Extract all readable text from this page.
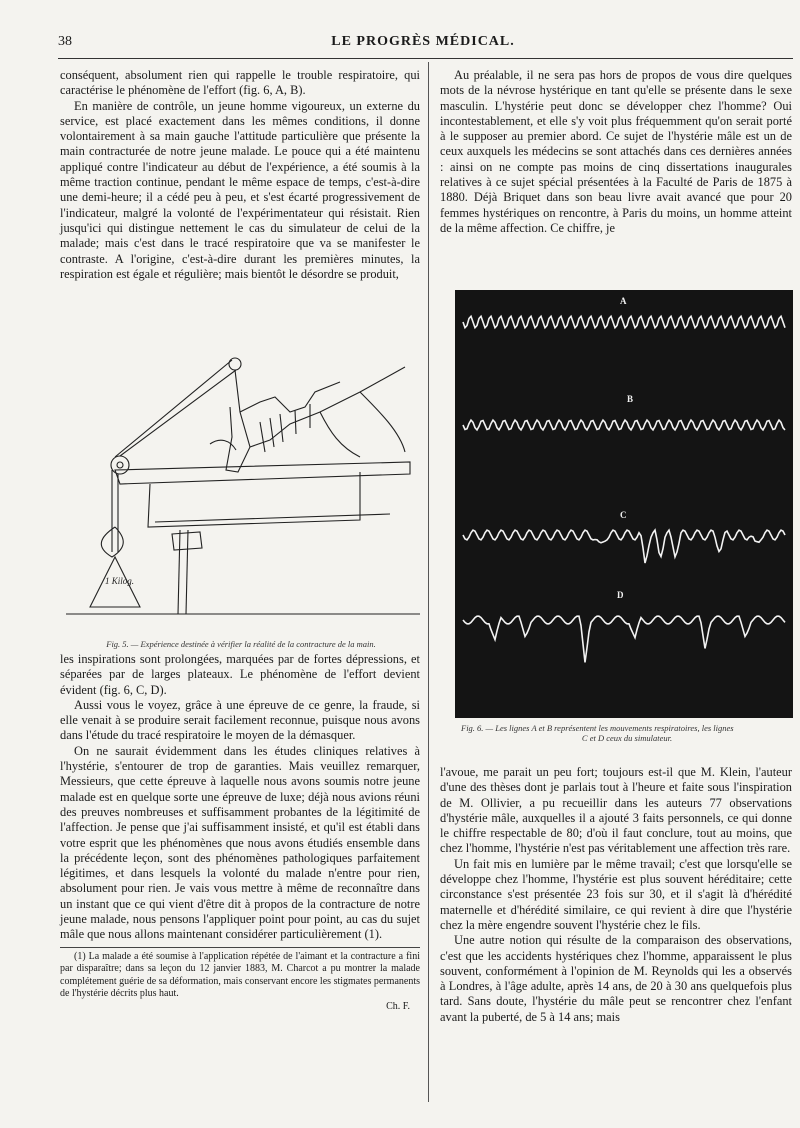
38	LE PROGRÈS MÉDICAL.

conséquent, absolument rien qui rappelle le trouble respiratoire, qui caractérise le phénomène de l'effort (fig. 6, A, B).

En manière de contrôle, un jeune homme vigoureux, un externe du service, est placé exactement dans les mêmes conditions, il donne volontairement à sa main gauche l'attitude particulière que présente la main contracturée de notre jeune malade. Le pouce qui a été maintenu appliqué contre l'indicateur au début de l'expérience, a été soumis à la même traction continue, pendant le même espace de temps, c'est-à-dire une demi-heure; il a cédé peu à peu, et s'est écarté progressivement de l'indicateur, malgré la volonté de l'expérimentateur qui résistait. Rien jusqu'ici qui distingue nettement le cas du simulateur de celui de la malade; mais c'est dans le tracé respiratoire que va se manifester le contraste. A l'origine, c'est-à-dire durant les premières minutes, la respiration est égale et régulière; mais bientôt le désordre se produit,

1 Kilog.
Fig. 5. — Expérience destinée à vérifier la réalité de la contracture de la main.

les inspirations sont prolongées, marquées par de fortes dépressions, et séparées par de larges plateaux. Le phénomène de l'effort devient évident (fig. 6, C, D).

Aussi vous le voyez, grâce à une épreuve de ce genre, la fraude, si elle venait à se produire serait facilement reconnue, puisque nous avons dans l'étude du tracé respiratoire le moyen de la démasquer.

On ne saurait évidemment dans les études cliniques relatives à l'hystérie, s'entourer de trop de garanties. Mais veuillez remarquer, Messieurs, que cette épreuve à laquelle nous avons soumis notre jeune malade est en quelque sorte une épreuve de luxe; déjà nous avions réuni des preuves nombreuses et suffisamment probantes de la légitimité de l'affection. Je pense que j'ai suffisamment insisté, et qu'il est établi dans votre esprit que les phénomènes que nous avons étudiés ensemble dans la précédente leçon, sont des phénomènes pathologiques parfaitement légitimes, et dans lesquels la volonté du malade n'entre pour rien, absolument pour rien. Je vais vous mettre à même de reconnaître dans un instant que ce qui vient d'être dit à propos de la contracture de notre jeune malade, nous pensons l'appliquer point pour point, au cas du sujet mâle que nous allons maintenant considérer particulièrement (1).

(1) La malade a été soumise à l'application répétée de l'aimant et la contracture a fini par disparaître; dans sa leçon du 12 janvier 1883, M. Charcot a pu montrer la malade complétement guérie de sa déformation, mais conservant encore les stigmates permanents de l'hystérie décrits plus haut.

Ch. F.

Au préalable, il ne sera pas hors de propos de vous dire quelques mots de la névrose hystérique en tant qu'elle se présente dans le sexe masculin. L'hystérie peut donc se développer chez l'homme? Oui incontestablement, et elle s'y voit plus fréquemment qu'on serait porté à le supposer au premier abord. Ce sujet de l'hystérie mâle est un de ceux auxquels les médecins se sont attachés dans ces dernières années : ainsi on ne compte pas moins de cinq dissertations inaugurales relatives à ce sujet spécial présentées à la Faculté de Paris de 1875 à 1880. Déjà Briquet dans son beau livre avait avancé que pour 20 femmes hystériques on rencontre, à Paris du moins, un homme atteint de la même affection. Ce chiffre, je

A
B
C
D
Fig. 6. — Les lignes A et B représentent les mouvements respiratoires, les lignes
C et D ceux du simulateur.

l'avoue, me parait un peu fort; toujours est-il que M. Klein, l'auteur d'une des thèses dont je parlais tout à l'heure et faite sous l'inspiration de M. Ollivier, a pu recueillir dans les auteurs 77 observations d'hystérie mâle, auxquelles il a ajouté 3 faits personnels, ce qui donne le chiffre respectable de 80; d'où il faut conclure, tout au moins, que chez l'homme, l'hystérie n'est pas véritablement une affection très rare.

Un fait mis en lumière par le même travail; c'est que lorsqu'elle se développe chez l'homme, l'hystérie est plus souvent héréditaire; cette circonstance s'est présentée 23 fois sur 30, et il s'agit là d'hérédité maternelle et d'hérédité similaire, ce qui revient à dire que l'hystérie chez la mère engendre souvent l'hystérie chez le fils.

Une autre notion qui résulte de la comparaison des observations, c'est que les accidents hystériques chez l'homme, apparaissent le plus souvent, conformément à l'opinion de M. Reynolds qui les a observés à Londres, à l'âge adulte, après 14 ans, de 20 à 30 ans quelquefois plus tard. Sans doute, l'hystérie du mâle peut se rencontrer chez l'enfant avant la puberté, de 5 à 14 ans; mais
